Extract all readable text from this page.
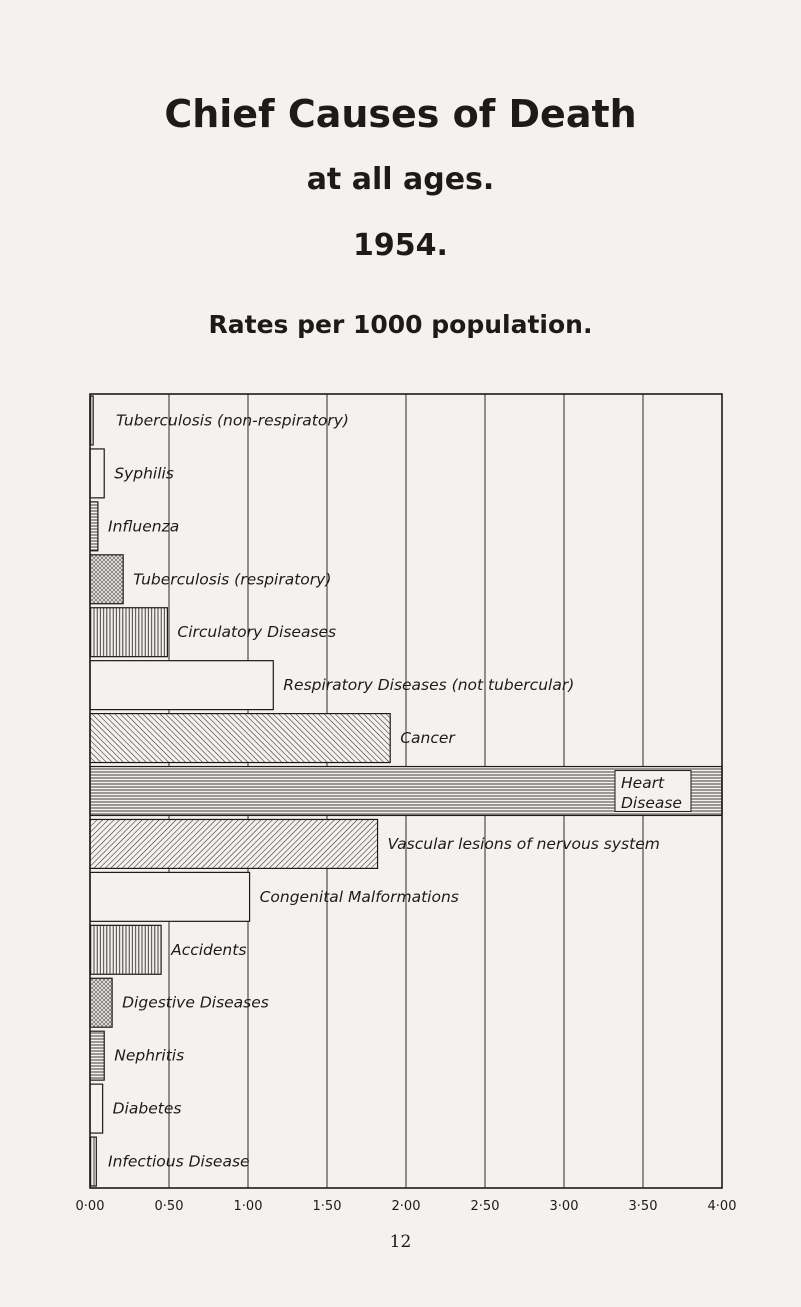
Chief Causes of Death
at all ages.
1954.
Rates per 1000 population.
Tuberculosis (non-respiratory)
Syphilis
Influenza
Tuberculosis (respiratory)
Circulatory Diseases
Respiratory Diseases (not tubercular)
Cancer
Heart
Disease
Vascular lesions of nervous system
Congenital Malformations
Accidents
Digestive Diseases
Nephritis
Diabetes
Infectious Disease
0·00	0·50	1·00	1·50	2·00	2·50	3·00	3·50	4·00

12
